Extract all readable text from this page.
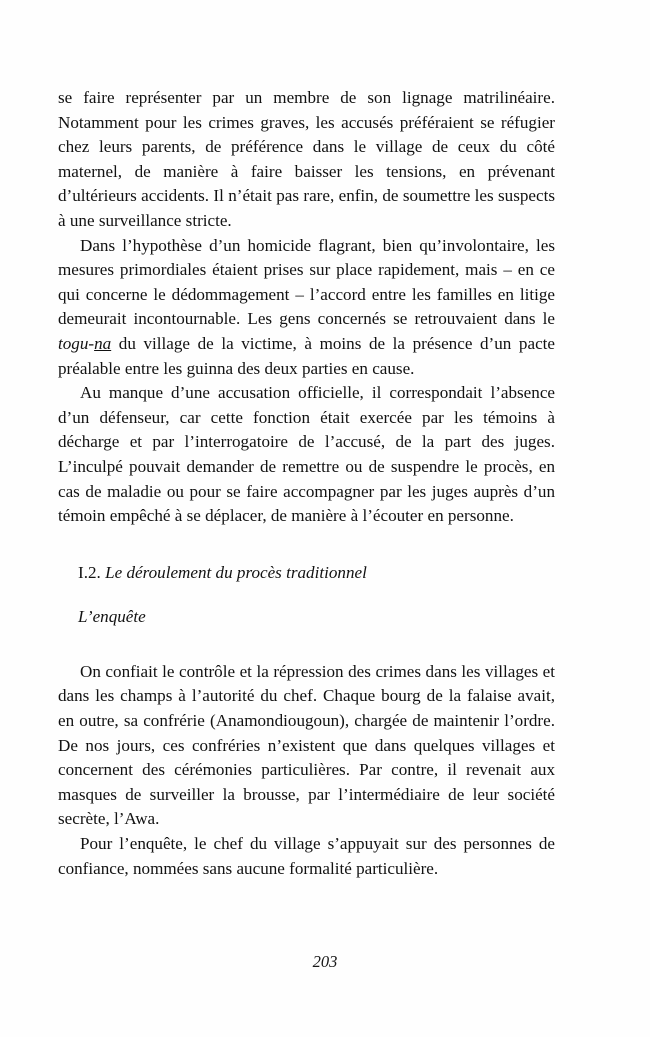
se faire représenter par un membre de son lignage matrilinéaire. Notamment pour les crimes graves, les accusés préféraient se réfugier chez leurs parents, de préférence dans le village de ceux du côté maternel, de manière à faire baisser les tensions, en prévenant d’ultérieurs accidents. Il n’était pas rare, enfin, de soumettre les suspects à une surveillance stricte.

Dans l’hypothèse d’un homicide flagrant, bien qu’involontaire, les mesures primordiales étaient prises sur place rapidement, mais – en ce qui concerne le dédommagement – l’accord entre les familles en litige demeurait incontournable. Les gens concernés se retrouvaient dans le togu-na du village de la victime, à moins de la présence d’un pacte préalable entre les guinna des deux parties en cause.

Au manque d’une accusation officielle, il correspondait l’absence d’un défenseur, car cette fonction était exercée par les témoins à décharge et par l’interrogatoire de l’accusé, de la part des juges. L’inculpé pouvait demander de remettre ou de suspendre le procès, en cas de maladie ou pour se faire accompagner par les juges auprès d’un témoin empêché à se déplacer, de manière à l’écouter en personne.

I.2. Le déroulement du procès traditionnel

L’enquête

On confiait le contrôle et la répression des crimes dans les villages et dans les champs à l’autorité du chef. Chaque bourg de la falaise avait, en outre, sa confrérie (Anamondiougoun), chargée de maintenir l’ordre. De nos jours, ces confréries n’existent que dans quelques villages et concernent des cérémonies particulières. Par contre, il revenait aux masques de surveiller la brousse, par l’intermédiaire de leur société secrète, l’Awa.

Pour l’enquête, le chef du village s’appuyait sur des personnes de confiance, nommées sans aucune formalité particulière.

203
